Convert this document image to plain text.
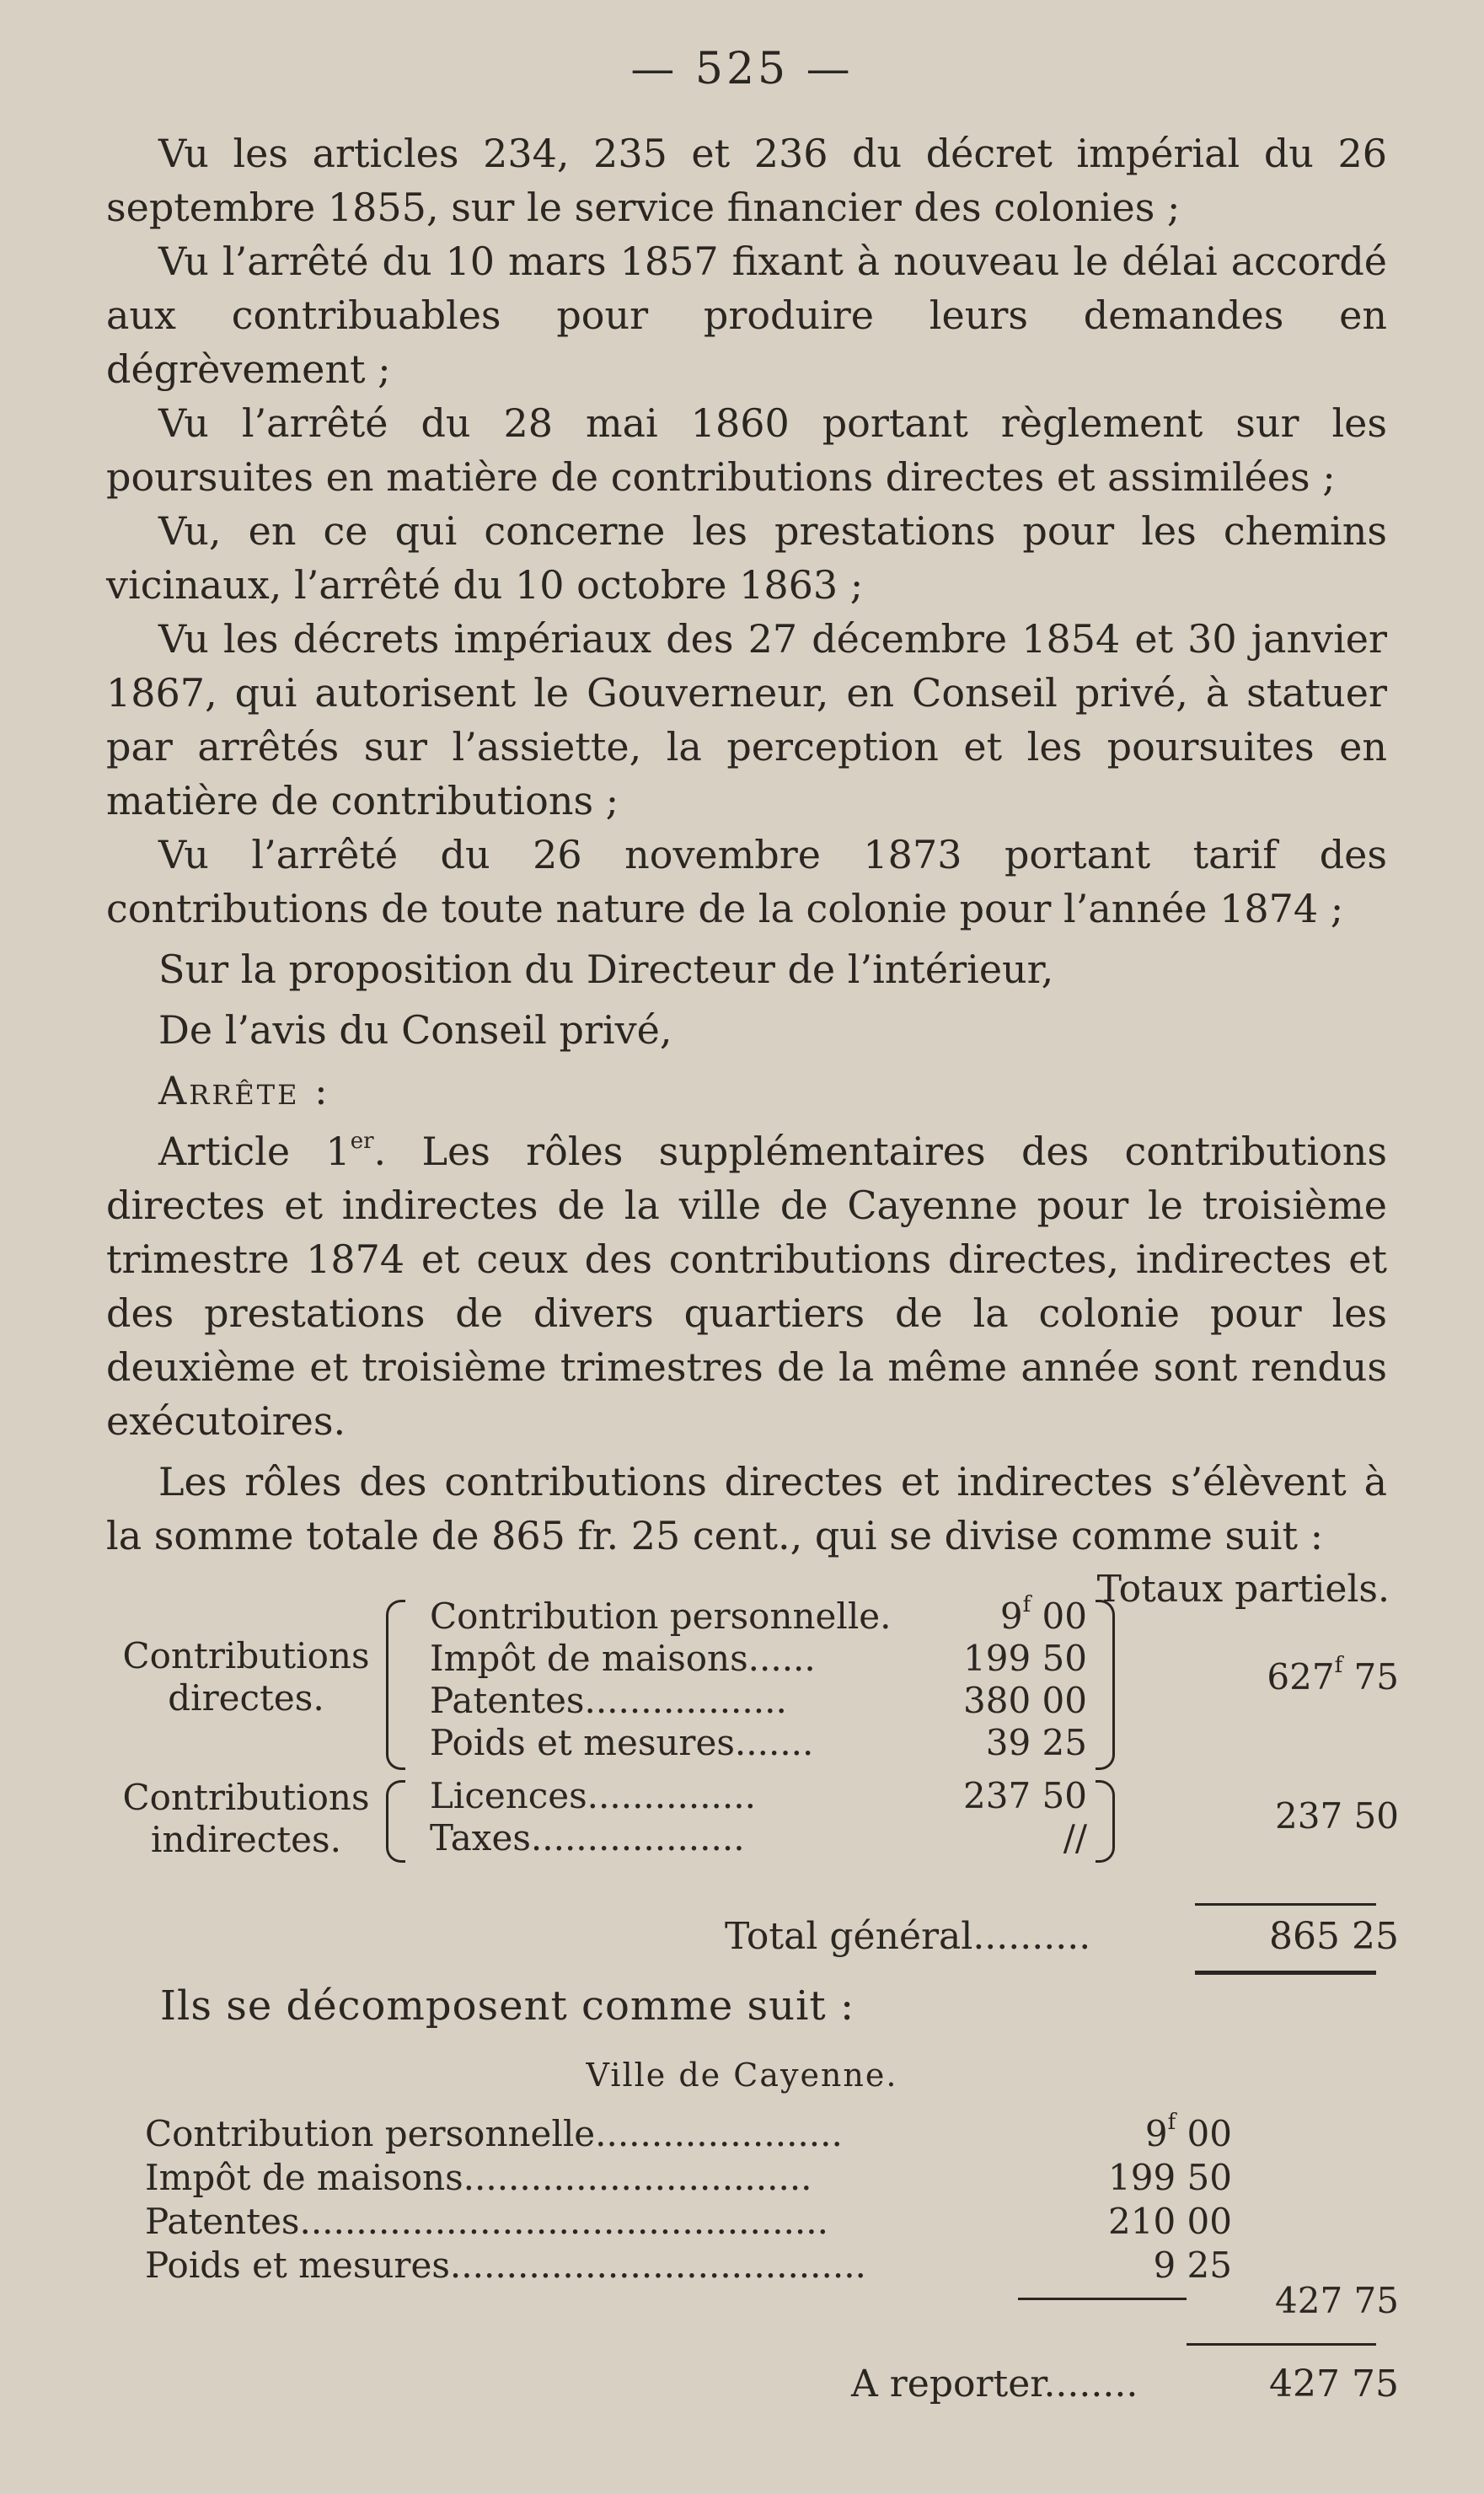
— 525 —

Vu les articles 234, 235 et 236 du décret impérial du 26 septembre 1855, sur le service financier des colonies ;

Vu l’arrêté du 10 mars 1857 fixant à nouveau le délai accordé aux contribuables pour produire leurs demandes en dégrèvement ;

Vu l’arrêté du 28 mai 1860 portant règlement sur les poursuites en matière de contributions directes et assimilées ;

Vu, en ce qui concerne les prestations pour les chemins vicinaux, l’arrêté du 10 octobre 1863 ;

Vu les décrets impériaux des 27 décembre 1854 et 30 janvier 1867, qui autorisent le Gouverneur, en Conseil privé, à statuer par arrêtés sur l’assiette, la perception et les poursuites en matière de contributions ;

Vu l’arrêté du 26 novembre 1873 portant tarif des contributions de toute nature de la colonie pour l’année 1874 ;

Sur la proposition du Directeur de l’intérieur,

De l’avis du Conseil privé,

Arrête :

Article 1er. Les rôles supplémentaires des contributions directes et indirectes de la ville de Cayenne pour le troisième trimestre 1874 et ceux des contributions directes, indirectes et des prestations de divers quartiers de la colonie pour les deuxième et troisième trimestres de la même année sont rendus exécutoires.

Les rôles des contributions directes et indirectes s’élèvent à la somme totale de 865 fr. 25 cent., qui se divise comme suit :

Totaux partiels.
Contributions
directes.
Contribution personnelle.	9$^f$ 00
Impôt de maisons......	199 50
Patentes..................	380 00
Poids et mesures.......	39 25
627$^f$ 75
Contributions
indirectes.
Licences...............	237 50
Taxes...................	//
237 50
Total général..........	865 25
Ils se décomposent comme suit :
Ville de Cayenne.
Contribution personnelle......................	9$^f$ 00
Impôt de maisons...............................	199 50
Patentes...............................................	210 00
Poids et mesures.....................................	9 25
427 75
A reporter........	427 75
